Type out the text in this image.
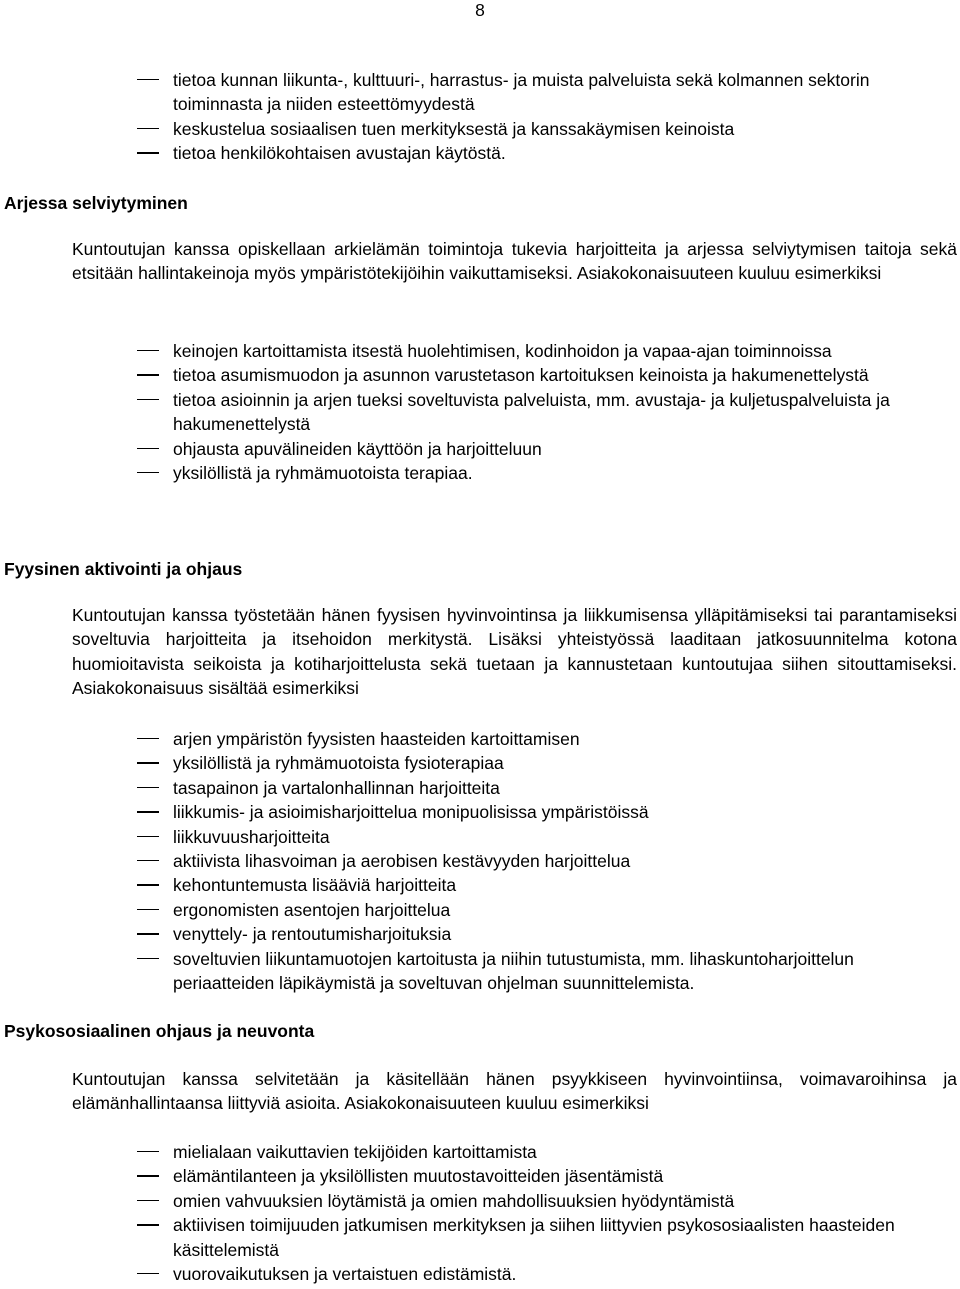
8
tietoa kunnan liikunta-, kulttuuri-, harrastus- ja muista palveluista sekä kolmannen sektorin toiminnasta ja niiden esteettömyydestä
keskustelua sosiaalisen tuen merkityksestä ja kanssakäymisen keinoista
tietoa henkilökohtaisen avustajan käytöstä.
Arjessa selviytyminen

Kuntoutujan kanssa opiskellaan arkielämän toimintoja tukevia harjoitteita ja arjessa selviytymisen taitoja sekä etsitään hallintakeinoja myös ympäristötekijöihin vaikuttamiseksi. Asiakokonaisuuteen kuuluu esimerkiksi

keinojen kartoittamista itsestä huolehtimisen, kodinhoidon ja vapaa-ajan toiminnoissa
tietoa asumismuodon ja asunnon varustetason kartoituksen keinoista ja hakumenettelystä
tietoa asioinnin ja arjen tueksi soveltuvista palveluista, mm. avustaja- ja kuljetuspalveluista ja hakumenettelystä
ohjausta apuvälineiden käyttöön ja harjoitteluun
yksilöllistä ja ryhmämuotoista terapiaa.
Fyysinen aktivointi ja ohjaus

Kuntoutujan kanssa työstetään hänen fyysisen hyvinvointinsa ja liikkumisensa ylläpitämiseksi tai parantamiseksi soveltuvia harjoitteita ja itsehoidon merkitystä. Lisäksi yhteistyössä laaditaan jatkosuunnitelma kotona huomioitavista seikoista ja kotiharjoittelusta sekä tuetaan ja kannustetaan kuntoutujaa siihen sitouttamiseksi. Asiakokonaisuus sisältää esimerkiksi

arjen ympäristön fyysisten haasteiden kartoittamisen
yksilöllistä ja ryhmämuotoista fysioterapiaa
tasapainon ja vartalonhallinnan harjoitteita
liikkumis- ja asioimisharjoittelua monipuolisissa ympäristöissä
liikkuvuusharjoitteita
aktiivista lihasvoiman ja aerobisen kestävyyden harjoittelua
kehontuntemusta lisääviä harjoitteita
ergonomisten asentojen harjoittelua
venyttely- ja rentoutumisharjoituksia
soveltuvien liikuntamuotojen kartoitusta ja niihin tutustumista, mm. lihaskuntoharjoittelun periaatteiden läpikäymistä ja soveltuvan ohjelman suunnittelemista.
Psykososiaalinen ohjaus ja neuvonta

Kuntoutujan kanssa selvitetään ja käsitellään hänen psyykkiseen hyvinvointiinsa, voimavaroihinsa ja elämänhallintaansa liittyviä asioita. Asiakokonaisuuteen kuuluu esimerkiksi

mielialaan vaikuttavien tekijöiden kartoittamista
elämäntilanteen ja yksilöllisten muutostavoitteiden jäsentämistä
omien vahvuuksien löytämistä ja omien mahdollisuuksien hyödyntämistä
aktiivisen toimijuuden jatkumisen merkityksen ja siihen liittyvien psykososiaalisten haasteiden käsittelemistä
vuorovaikutuksen ja vertaistuen edistämistä.
